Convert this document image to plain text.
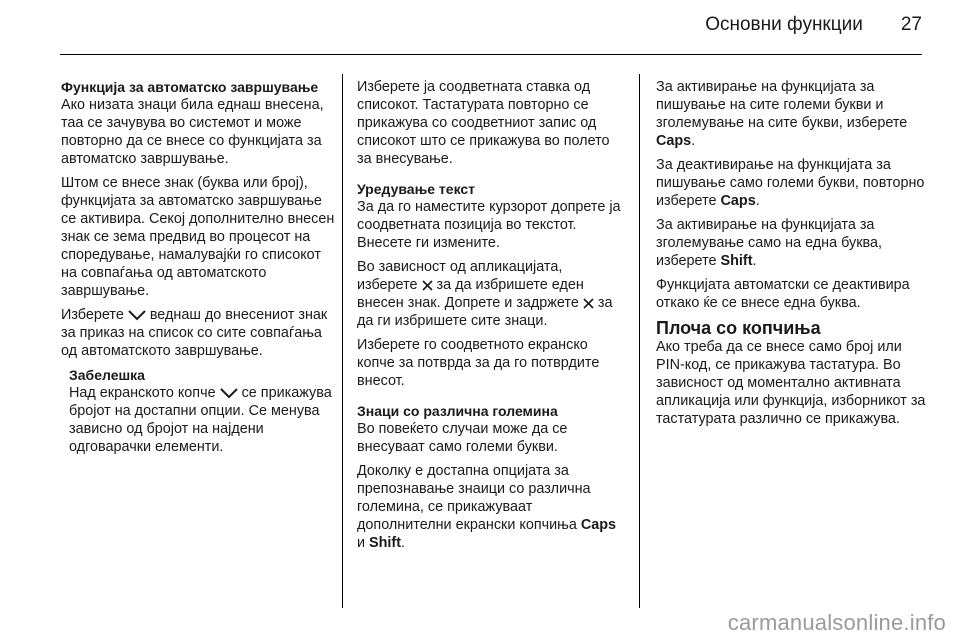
Основни функции 27

Функција за автоматско завршување

Ако низата знаци била еднаш внесена, таа се зачувува во системот и може повторно да се внесе со функцијата за автоматско завршување.

Штом се внесе знак (буква или број), функцијата за автоматско завршување се активира. Секој дополнително внесен знак се зема предвид во процесот на споредување, намалувајќи го списокот на совпаѓања од автоматското завршување.

Изберете веднаш до внесениот знак за приказ на список со сите совпаѓања од автоматското завршување.

Забелешка

Над екранското копче се прикажува бројот на достапни опции. Се менува зависно од бројот на најдени одговарачки елементи.

Изберете ја соодветната ставка од списокот. Тастатурата повторно се прикажува со соодветниот запис од списокот што се прикажува во полето за внесување.

Уредување текст

За да го наместите курзорот допрете ја соодветната позиција во текстот. Внесете ги измените.

Во зависност од апликацијата, изберете за да избришете еден внесен знак. Допрете и задржете за да ги избришете сите знаци.

Изберете го соодветното екранско копче за потврда за да го потврдите внесот.

Знаци со различна големина

Во повеќето случаи може да се внесуваат само големи букви.

Доколку е достапна опцијата за препознавање знаици со различна големина, се прикажуваат дополнителни екрански копчиња Caps и Shift.

За активирање на функцијата за пишување на сите големи букви и зголемување на сите букви, изберете Caps.

За деактивирање на функцијата за пишување само големи букви, повторно изберете Caps.

За активирање на функцијата за зголемување само на една буква, изберете Shift.

Функцијата автоматски се деактивира откако ќе се внесе една буква.

Плоча со копчиња

Ако треба да се внесе само број или PIN-код, се прикажува тастатура. Во зависност од моментално активната апликација или функција, изборникот за тастатурата различно се прикажува.

carmanualsonline.info
